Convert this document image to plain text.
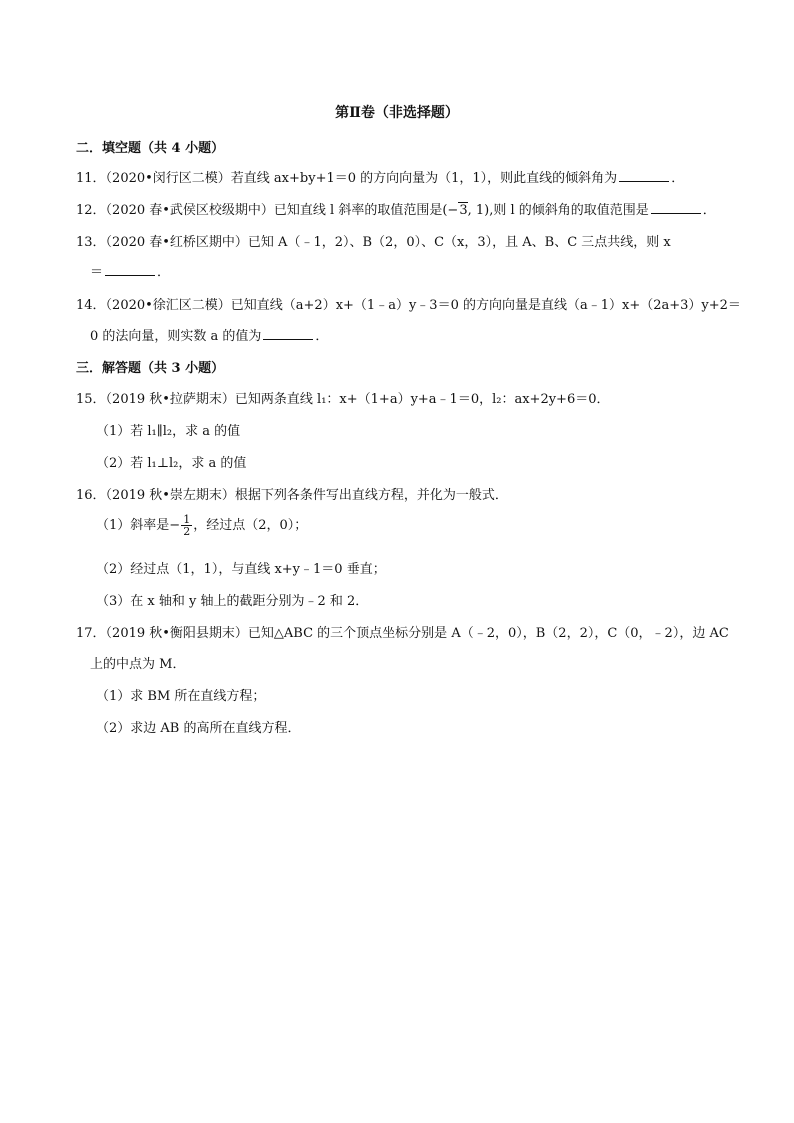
第Ⅱ卷（非选择题）
二．填空题（共 4 小题）
11．（2020•闵行区二模）若直线 ax+by+1＝0 的方向向量为（1，1），则此直线的倾斜角为	．
12．（2020 春•武侯区校级期中）已知直线 l 斜率的取值范围是(−3, 1),则 l 的倾斜角的取值范围是	．
13．（2020 春•红桥区期中）已知 A（﹣1，2）、B（2，0）、C（x，3），且 A、B、C 三点共线，则 x
＝	．
14．（2020•徐汇区二模）已知直线（a+2）x+（1﹣a）y﹣3＝0 的方向向量是直线（a﹣1）x+（2a+3）y+2＝
0 的法向量，则实数 a 的值为	．
三．解答题（共 3 小题）
15．（2019 秋•拉萨期末）已知两条直线 l₁：x+（1+a）y+a﹣1＝0，l₂：ax+2y+6＝0．
（1）若 l₁∥l₂，求 a 的值
（2）若 l₁⊥l₂，求 a 的值
16．（2019 秋•崇左期末）根据下列各条件写出直线方程，并化为一般式．
（1）斜率是− $\frac{1}{2}$ ，经过点（2，0）；
（2）经过点（1，1），与直线 x+y﹣1＝0 垂直；
（3）在 x 轴和 y 轴上的截距分别为﹣2 和 2．
17．（2019 秋•衡阳县期末）已知△ABC 的三个顶点坐标分别是 A（﹣2，0），B（2，2），C（0，﹣2），边 AC
上的中点为 M．
（1）求 BM 所在直线方程；
（2）求边 AB 的高所在直线方程．
